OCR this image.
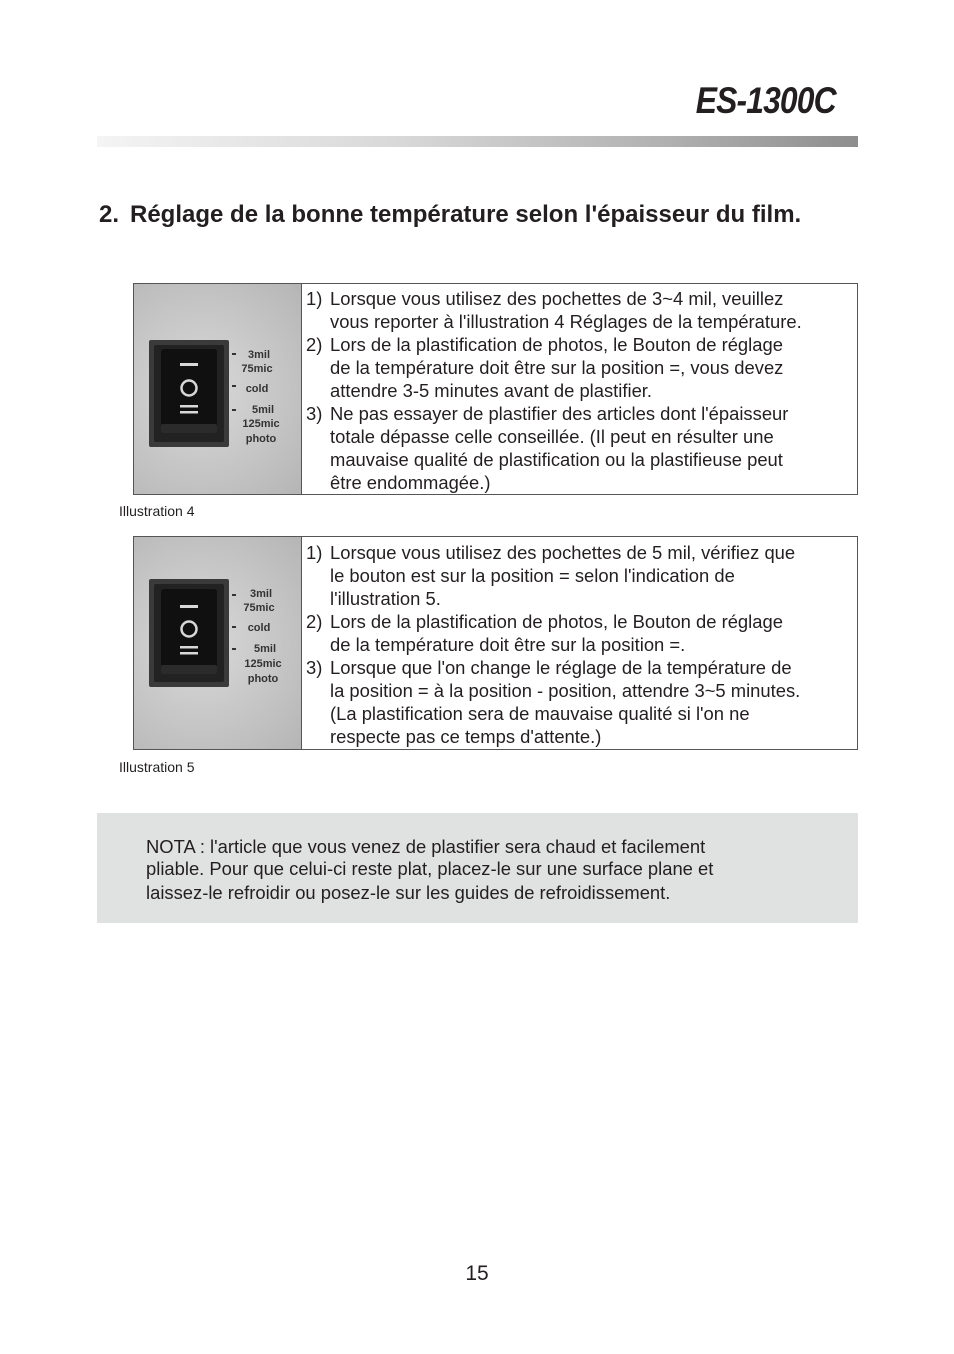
ES-1300C
2. Réglage de la bonne température selon l'épaisseur du film.
3mil
75mic
cold
5mil
125mic
photo
1) Lorsque vous utilisez des pochettes de 3~4 mil, veuillez
vous reporter à l'illustration 4 Réglages de la température.
2) Lors de la plastification de photos, le Bouton de réglage
de la température doit être sur la position =, vous devez
attendre 3-5 minutes avant de plastifier.
3) Ne pas essayer de plastifier des articles dont l'épaisseur
totale dépasse celle conseillée. (Il peut en résulter une
mauvaise qualité de plastification ou la plastifieuse peut
être endommagée.)
Illustration 4
3mil
75mic
cold
5mil
125mic
photo
1) Lorsque vous utilisez des pochettes de 5 mil, vérifiez que
le bouton est sur la position = selon l'indication de
l'illustration 5.
2) Lors de la plastification de photos, le Bouton de réglage
de la température doit être sur la position =.
3) Lorsque que l'on change le réglage de la température de
la position = à la position - position, attendre 3~5 minutes.
(La plastification sera de mauvaise qualité si l'on ne
respecte pas ce temps d'attente.)
Illustration 5

NOTA : l'article que vous venez de plastifier sera chaud et facilement
pliable. Pour que celui-ci reste plat, placez-le sur une surface plane et
laissez-le refroidir ou posez-le sur les guides de refroidissement.

15
